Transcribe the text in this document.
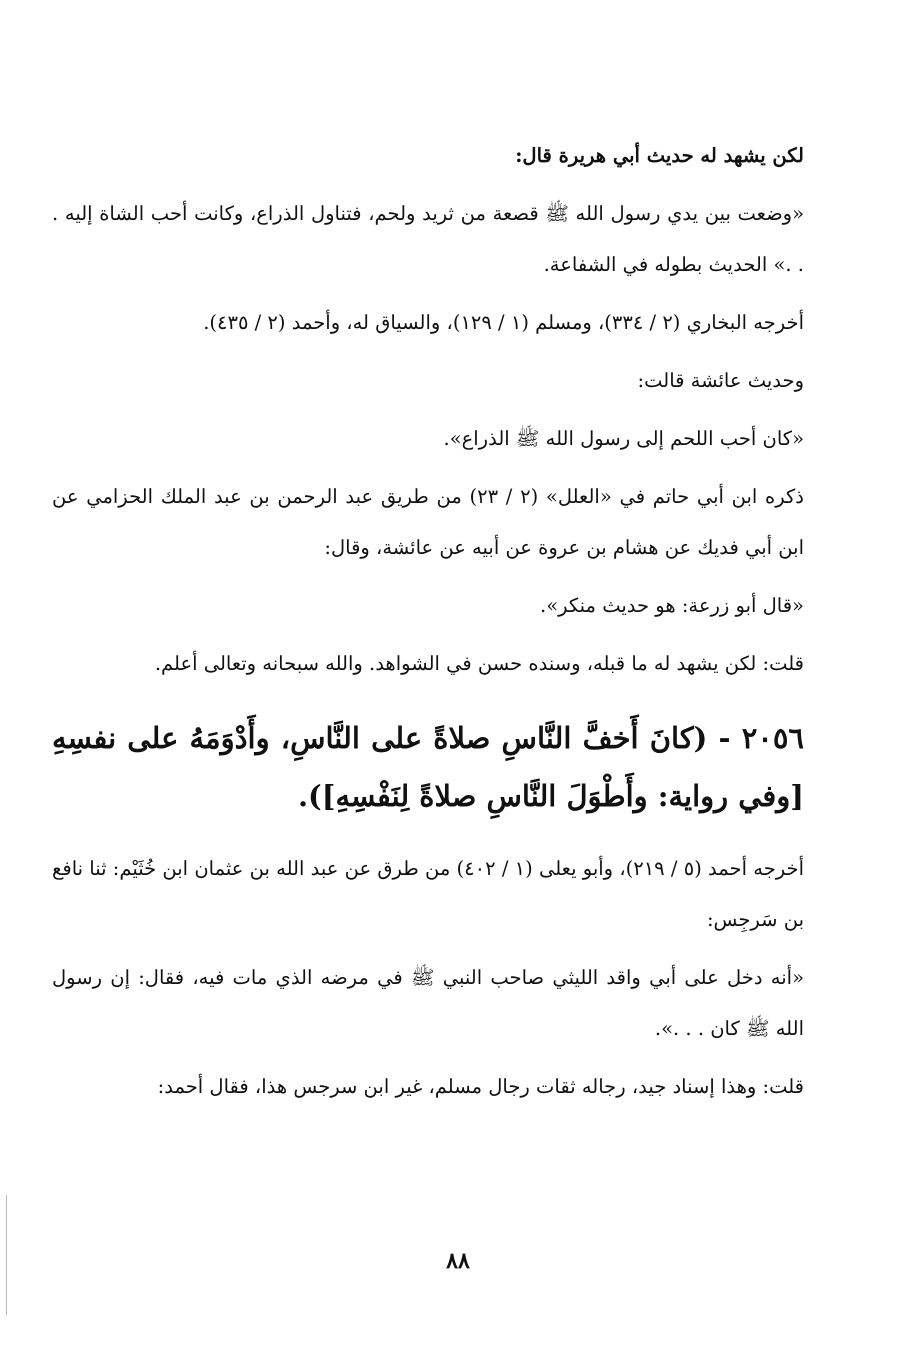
لكن يشهد له حديث أبي هريرة قال:

«وضعت بين يدي رسول الله ﷺ قصعة من ثريد ولحم، فتناول الذراع، وكانت أحب الشاة إليه . . .» الحديث بطوله في الشفاعة.

أخرجه البخاري (٢ / ٣٣٤)، ومسلم (١ / ١٢٩)، والسياق له، وأحمد (٢ / ٤٣٥).

وحديث عائشة قالت:

«كان أحب اللحم إلى رسول الله ﷺ الذراع».

ذكره ابن أبي حاتم في «العلل» (٢ / ٢٣) من طريق عبد الرحمن بن عبد الملك الحزامي عن ابن أبي فديك عن هشام بن عروة عن أبيه عن عائشة، وقال:

«قال أبو زرعة: هو حديث منكر».

قلت: لكن يشهد له ما قبله، وسنده حسن في الشواهد. والله سبحانه وتعالى أعلم.

٢٠٥٦ - (كانَ أَخفَّ النَّاسِ صلاةً على النَّاسِ، وأَدْوَمَهُ على نفسِهِ [وفي رواية: وأَطْوَلَ النَّاسِ صلاةً لِنَفْسِهِ]).

أخرجه أحمد (٥ / ٢١٩)، وأبو يعلى (١ / ٤٠٢) من طرق عن عبد الله بن عثمان ابن خُثَيْم: ثنا نافع بن سَرجِس:

«أنه دخل على أبي واقد الليثي صاحب النبي ﷺ في مرضه الذي مات فيه، فقال: إن رسول الله ﷺ كان . . .».

قلت: وهذا إسناد جيد، رجاله ثقات رجال مسلم، غير ابن سرجس هذا، فقال أحمد:

٨٨
